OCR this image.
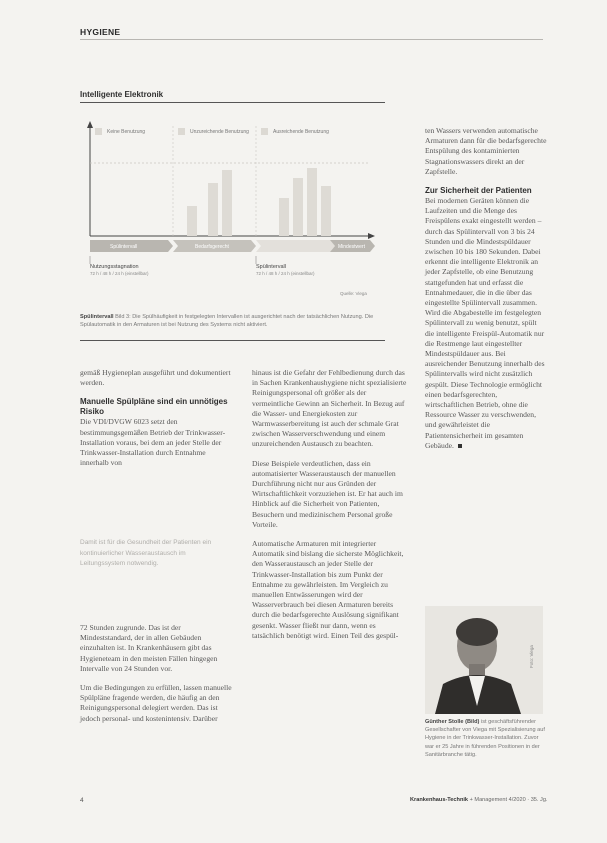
HYGIENE
Intelligente Elektronik
Keine Benutzung	Unzureichende Benutzung	Ausreichende Benutzung
Spülintervall	Bedarfsgerecht	Mindestwert
Nutzungsstagnation
72 h / 48 h / 24 h (einstellbar)
Spülintervall
72 h / 48 h / 24 h (einstellbar)
Quelle: Viega
Spülintervall Bild 3: Die Spülhäufigkeit in festgelegten Intervallen ist ausgerichtet nach der tatsächlichen Nutzung. Die Spülautomatik in den Armaturen ist bei Nutzung des Systems nicht aktiviert.

gemäß Hygieneplan ausgeführt und dokumentiert werden.

Manuelle Spülpläne sind ein unnötiges Risiko

Die VDI/DVGW 6023 setzt den bestimmungsgemäßen Betrieb der Trinkwasser-Installation voraus, bei dem an jeder Stelle der Trinkwasser-Installation durch Entnahme innerhalb von

Damit ist für die Gesundheit der Patienten ein kontinuierlicher Wasseraustausch im Leitungssystem notwendig.

72 Stunden zugrunde. Das ist der Mindeststandard, der in allen Gebäuden einzuhalten ist. In Krankenhäusern gibt das Hygieneteam in den meisten Fällen hingegen Intervalle von 24 Stunden vor.

Um die Bedingungen zu erfüllen, lassen manuelle Spülpläne fragende werden, die häufig an den Reinigungspersonal delegiert werden. Das ist jedoch personal- und kostenintensiv. Darüber

hinaus ist die Gefahr der Fehlbedienung durch das in Sachen Krankenhaushygiene nicht spezialisierte Reinigungspersonal oft größer als der vermeintliche Gewinn an Sicherheit. In Bezug auf die Wasser- und Energiekosten zur Warmwasserbereitung ist auch der schmale Grat zwischen Wasserverschwendung und einem unzureichenden Austausch zu beachten.

Diese Beispiele verdeutlichen, dass ein automatisierter Wasseraustausch der manuellen Durchführung nicht nur aus Gründen der Wirtschaftlichkeit vorzuziehen ist. Er hat auch im Hinblick auf die Sicherheit von Patienten, Besuchern und medizinischem Personal große Vorteile.

Automatische Armaturen mit integrierter Automatik sind bislang die sicherste Möglichkeit, den Wasseraustausch an jeder Stelle der Trinkwasser-Installation bis zum Punkt der Entnahme zu gewährleisten. Im Vergleich zu manuellen Entwässerungen wird der Wasserverbrauch bei diesen Armaturen bereits durch die bedarfsgerechte Auslösung signifikant gesenkt. Wasser fließt nur dann, wenn es tatsächlich benötigt wird. Einen Teil des gespül-

ten Wassers verwenden automatische Armaturen dann für die bedarfsgerechte Entspülung des kontaminierten Stagnationswassers direkt an der Zapfstelle.

Zur Sicherheit der Patienten

Bei modernen Geräten können die Laufzeiten und die Menge des Freispülens exakt eingestellt werden – durch das Spülintervall von 3 bis 24 Stunden und die Mindestspüldauer zwischen 10 bis 180 Sekunden. Dabei erkennt die intelligente Elektronik an jeder Zapfstelle, ob eine Benutzung stattgefunden hat und erfasst die Entnahmedauer, die in die über das eingestellte Spülintervall zusammen. Wird die Abgabestelle im festgelegten Spülintervall zu wenig benutzt, spült die intelligente Freispül-Automatik nur die Restmenge laut eingestellter Mindestspüldauer aus. Bei ausreichender Benutzung innerhalb des Spülintervalls wird nicht zusätzlich gespült. Diese Technologie ermöglicht einen bedarfsgerechten, wirtschaftlichen Betrieb, ohne die Ressource Wasser zu verschwenden, und gewährleistet die Patientensicherheit im gesamten Gebäude.

Foto: Viega
Günther Stolle (Bild) ist geschäftsführender Gesellschafter von Viega mit Spezialisierung auf Hygiene in der Trinkwasser-Installation. Zuvor war er 25 Jahre in führenden Positionen in der Sanitärbranche tätig.
4	Krankenhaus-Technik + Management 4/2020 · 35. Jg.
